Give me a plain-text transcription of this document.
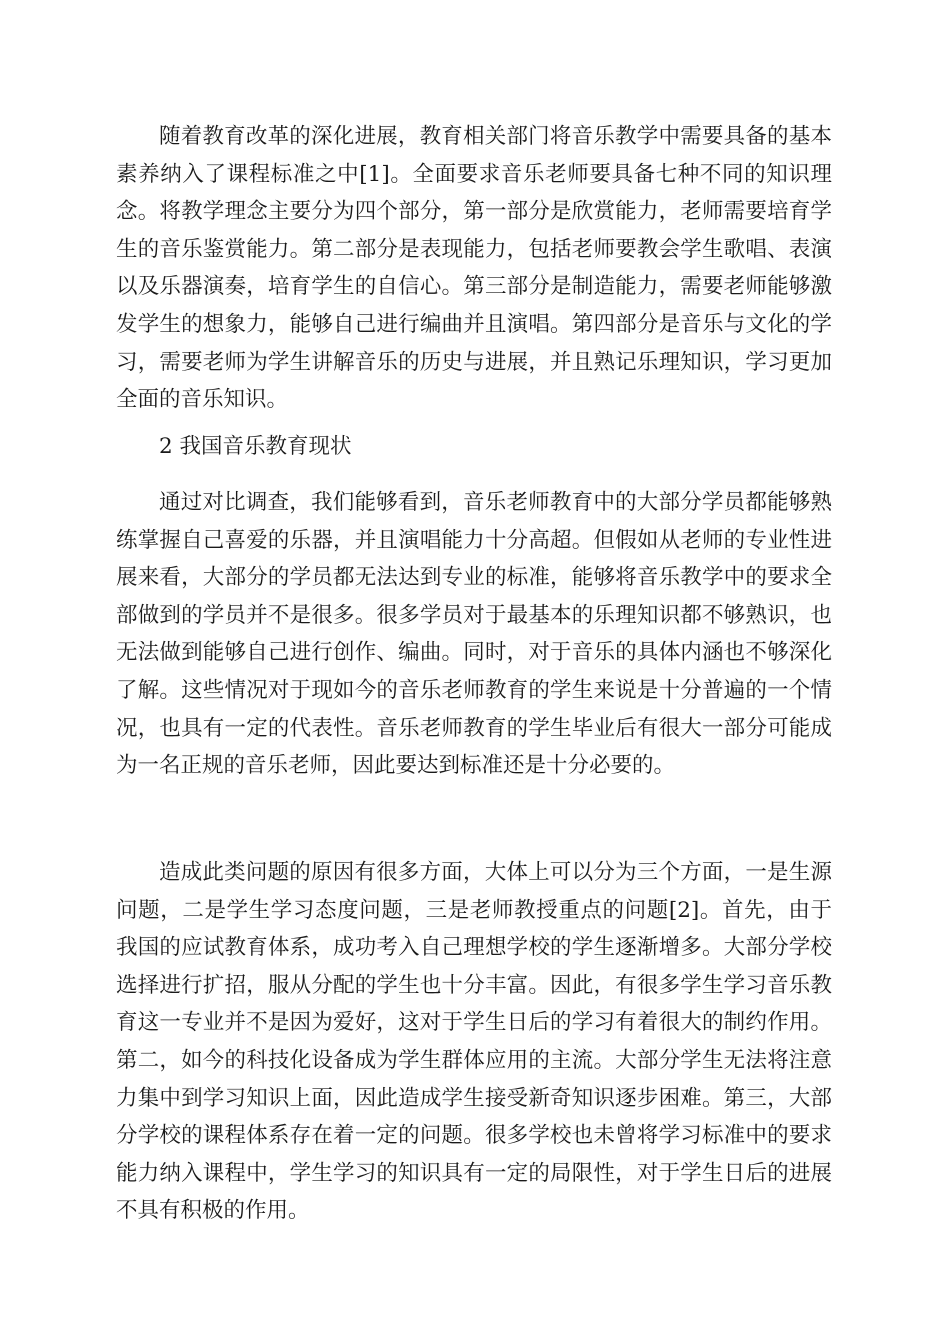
随着教育改革的深化进展，教育相关部门将音乐教学中需要具备的基本素养纳入了课程标准之中[1]。全面要求音乐老师要具备七种不同的知识理念。将教学理念主要分为四个部分，第一部分是欣赏能力，老师需要培育学生的音乐鉴赏能力。第二部分是表现能力，包括老师要教会学生歌唱、表演以及乐器演奏，培育学生的自信心。第三部分是制造能力，需要老师能够激发学生的想象力，能够自己进行编曲并且演唱。第四部分是音乐与文化的学习，需要老师为学生讲解音乐的历史与进展，并且熟记乐理知识，学习更加全面的音乐知识。

2 我国音乐教育现状

通过对比调查，我们能够看到，音乐老师教育中的大部分学员都能够熟练掌握自己喜爱的乐器，并且演唱能力十分高超。但假如从老师的专业性进展来看，大部分的学员都无法达到专业的标准，能够将音乐教学中的要求全部做到的学员并不是很多。很多学员对于最基本的乐理知识都不够熟识，也无法做到能够自己进行创作、编曲。同时，对于音乐的具体内涵也不够深化了解。这些情况对于现如今的音乐老师教育的学生来说是十分普遍的一个情况，也具有一定的代表性。音乐老师教育的学生毕业后有很大一部分可能成为一名正规的音乐老师，因此要达到标准还是十分必要的。

造成此类问题的原因有很多方面，大体上可以分为三个方面，一是生源问题，二是学生学习态度问题，三是老师教授重点的问题[2]。首先，由于我国的应试教育体系，成功考入自己理想学校的学生逐渐增多。大部分学校选择进行扩招，服从分配的学生也十分丰富。因此，有很多学生学习音乐教育这一专业并不是因为爱好，这对于学生日后的学习有着很大的制约作用。第二，如今的科技化设备成为学生群体应用的主流。大部分学生无法将注意力集中到学习知识上面，因此造成学生接受新奇知识逐步困难。第三，大部分学校的课程体系存在着一定的问题。很多学校也未曾将学习标准中的要求能力纳入课程中，学生学习的知识具有一定的局限性，对于学生日后的进展不具有积极的作用。
